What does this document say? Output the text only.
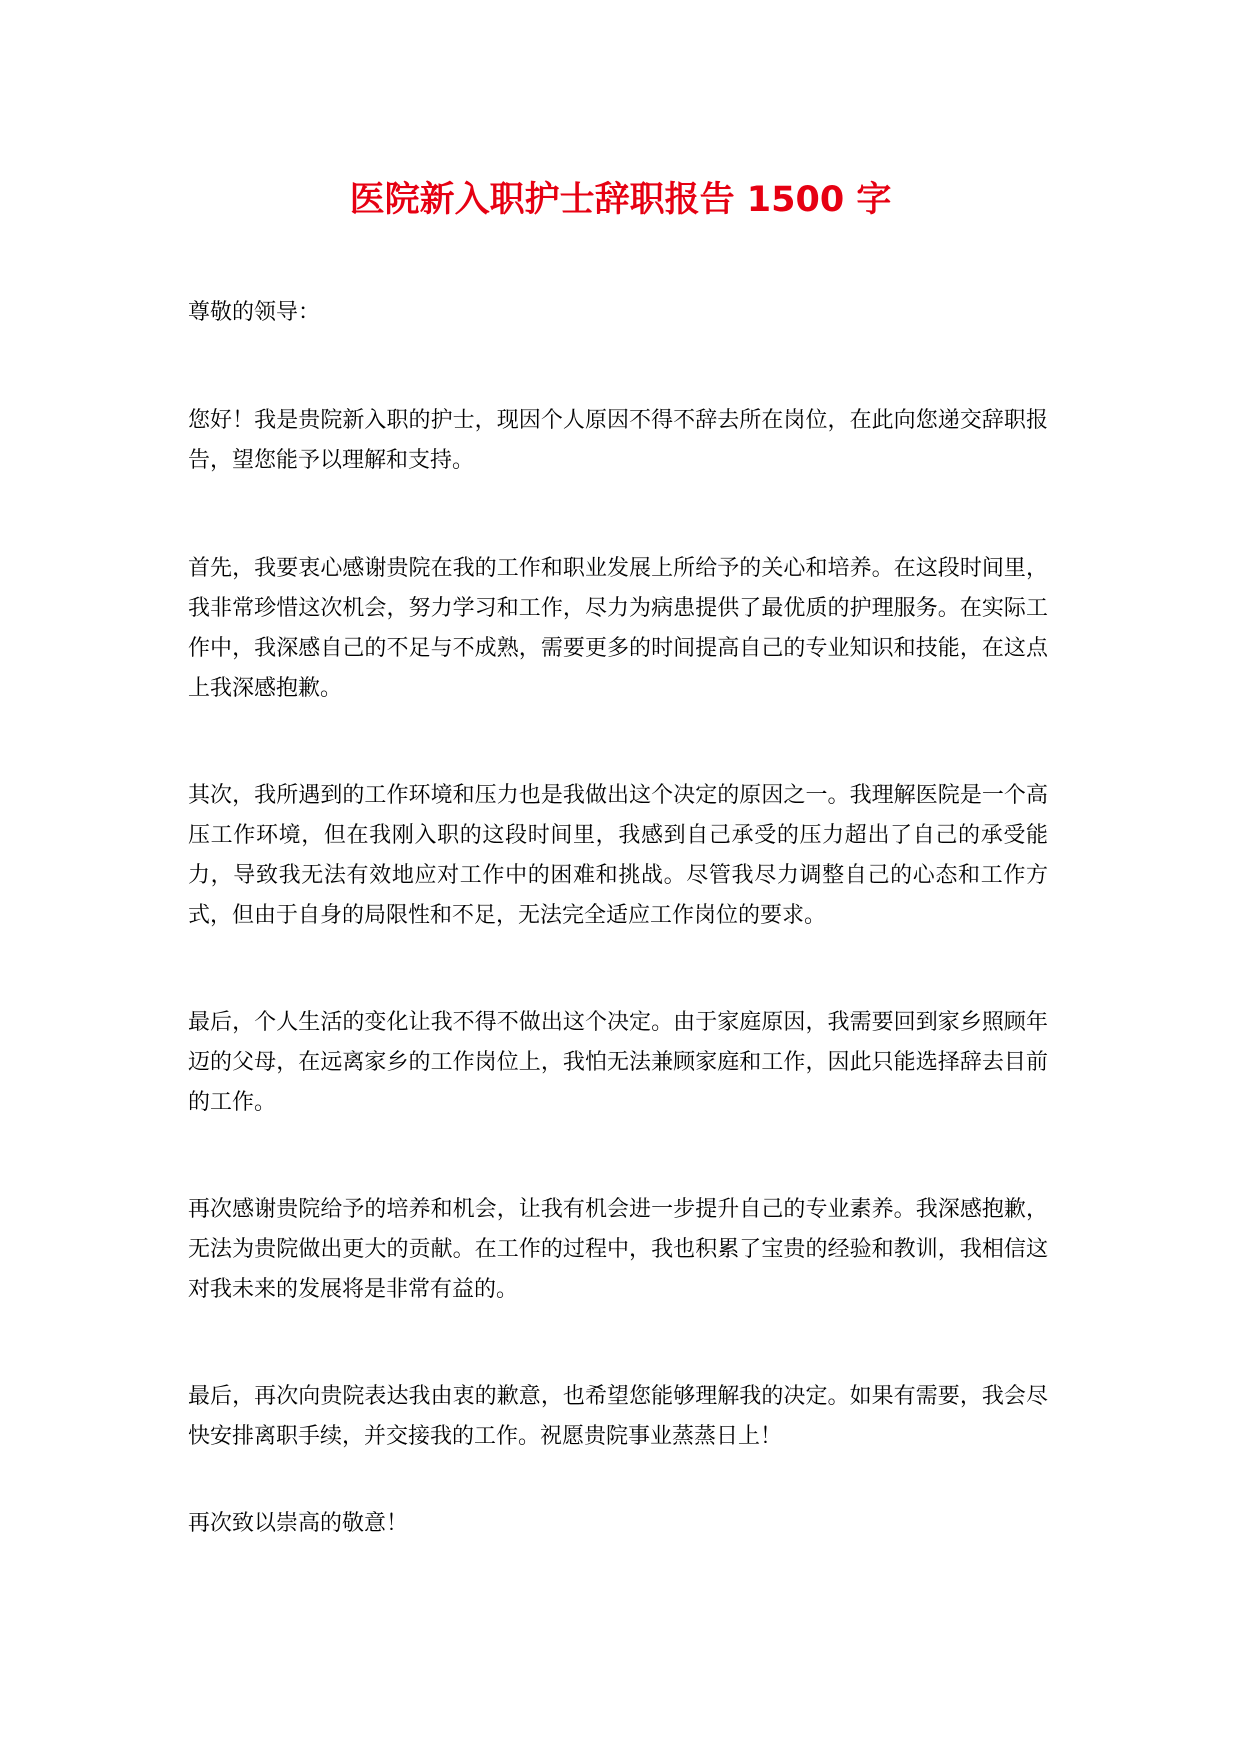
医院新入职护士辞职报告 1500 字

尊敬的领导：

您好！我是贵院新入职的护士，现因个人原因不得不辞去所在岗位，在此向您递交辞职报告，望您能予以理解和支持。

首先，我要衷心感谢贵院在我的工作和职业发展上所给予的关心和培养。在这段时间里，我非常珍惜这次机会，努力学习和工作，尽力为病患提供了最优质的护理服务。在实际工作中，我深感自己的不足与不成熟，需要更多的时间提高自己的专业知识和技能，在这点上我深感抱歉。

其次，我所遇到的工作环境和压力也是我做出这个决定的原因之一。我理解医院是一个高压工作环境，但在我刚入职的这段时间里，我感到自己承受的压力超出了自己的承受能力，导致我无法有效地应对工作中的困难和挑战。尽管我尽力调整自己的心态和工作方式，但由于自身的局限性和不足，无法完全适应工作岗位的要求。

最后，个人生活的变化让我不得不做出这个决定。由于家庭原因，我需要回到家乡照顾年迈的父母，在远离家乡的工作岗位上，我怕无法兼顾家庭和工作，因此只能选择辞去目前的工作。

再次感谢贵院给予的培养和机会，让我有机会进一步提升自己的专业素养。我深感抱歉，无法为贵院做出更大的贡献。在工作的过程中，我也积累了宝贵的经验和教训，我相信这对我未来的发展将是非常有益的。

最后，再次向贵院表达我由衷的歉意，也希望您能够理解我的决定。如果有需要，我会尽快安排离职手续，并交接我的工作。祝愿贵院事业蒸蒸日上！

再次致以崇高的敬意！
